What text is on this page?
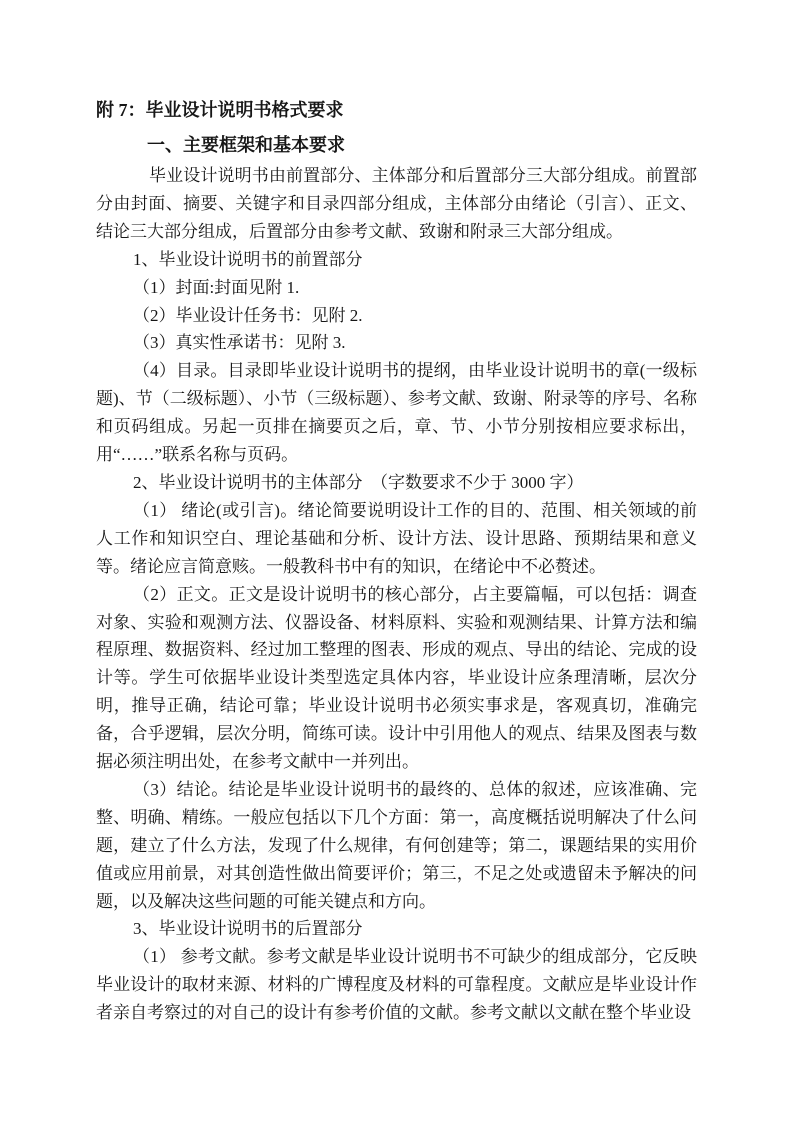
附 7：毕业设计说明书格式要求
一、主要框架和基本要求

毕业设计说明书由前置部分、主体部分和后置部分三大部分组成。前置部分由封面、摘要、关键字和目录四部分组成，主体部分由绪论（引言）、正文、结论三大部分组成，后置部分由参考文献、致谢和附录三大部分组成。

1、毕业设计说明书的前置部分

（1）封面:封面见附 1.

（2）毕业设计任务书：见附 2.

（3）真实性承诺书：见附 3.

（4）目录。目录即毕业设计说明书的提纲，由毕业设计说明书的章(一级标题)、节（二级标题）、小节（三级标题）、参考文献、致谢、附录等的序号、名称和页码组成。另起一页排在摘要页之后，章、节、小节分别按相应要求标出，用“……”联系名称与页码。

2、毕业设计说明书的主体部分　（字数要求不少于 3000 字）

（1） 绪论(或引言)。绪论简要说明设计工作的目的、范围、相关领域的前人工作和知识空白、理论基础和分析、设计方法、设计思路、预期结果和意义等。绪论应言简意赅。一般教科书中有的知识，在绪论中不必赘述。

（2）正文。正文是设计说明书的核心部分，占主要篇幅，可以包括：调查对象、实验和观测方法、仪器设备、材料原料、实验和观测结果、计算方法和编程原理、数据资料、经过加工整理的图表、形成的观点、导出的结论、完成的设计等。学生可依据毕业设计类型选定具体内容，毕业设计应条理清晰，层次分明，推导正确，结论可靠；毕业设计说明书必须实事求是，客观真切，准确完备，合乎逻辑，层次分明，简练可读。设计中引用他人的观点、结果及图表与数据必须注明出处，在参考文献中一并列出。

（3）结论。结论是毕业设计说明书的最终的、总体的叙述，应该准确、完整、明确、精练。一般应包括以下几个方面：第一，高度概括说明解决了什么问题，建立了什么方法，发现了什么规律，有何创建等；第二，课题结果的实用价值或应用前景，对其创造性做出简要评价；第三，不足之处或遗留未予解决的问题，以及解决这些问题的可能关键点和方向。

3、毕业设计说明书的后置部分

（1） 参考文献。参考文献是毕业设计说明书不可缺少的组成部分，它反映毕业设计的取材来源、材料的广博程度及材料的可靠程度。文献应是毕业设计作者亲自考察过的对自己的设计有参考价值的文献。参考文献以文献在整个毕业设
